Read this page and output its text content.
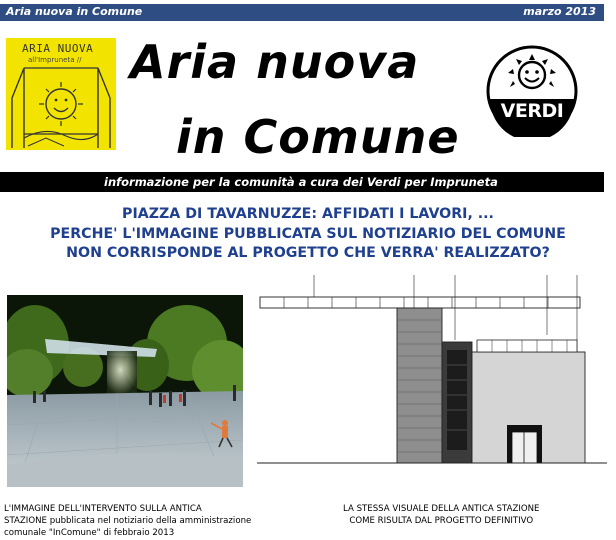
Aria nuova in Comune	marzo 2013
ARIA NUOVA
all'Impruneta // Aria nuova
in Comune	VERDI
informazione per la comunità a cura dei Verdi per Impruneta
PIAZZA DI TAVARNUZZE: AFFIDATI I LAVORI, ...
PERCHE' L'IMMAGINE PUBBLICATA SUL NOTIZIARIO DEL COMUNE
NON CORRISPONDE AL PROGETTO CHE VERRA' REALIZZATO?
L'IMMAGINE DELL'INTERVENTO SULLA ANTICA
STAZIONE pubblicata nel notiziario della amministrazione
comunale "InComune" di febbraio 2013
LA STESSA VISUALE DELLA ANTICA STAZIONE
COME RISULTA DAL PROGETTO DEFINITIVO
